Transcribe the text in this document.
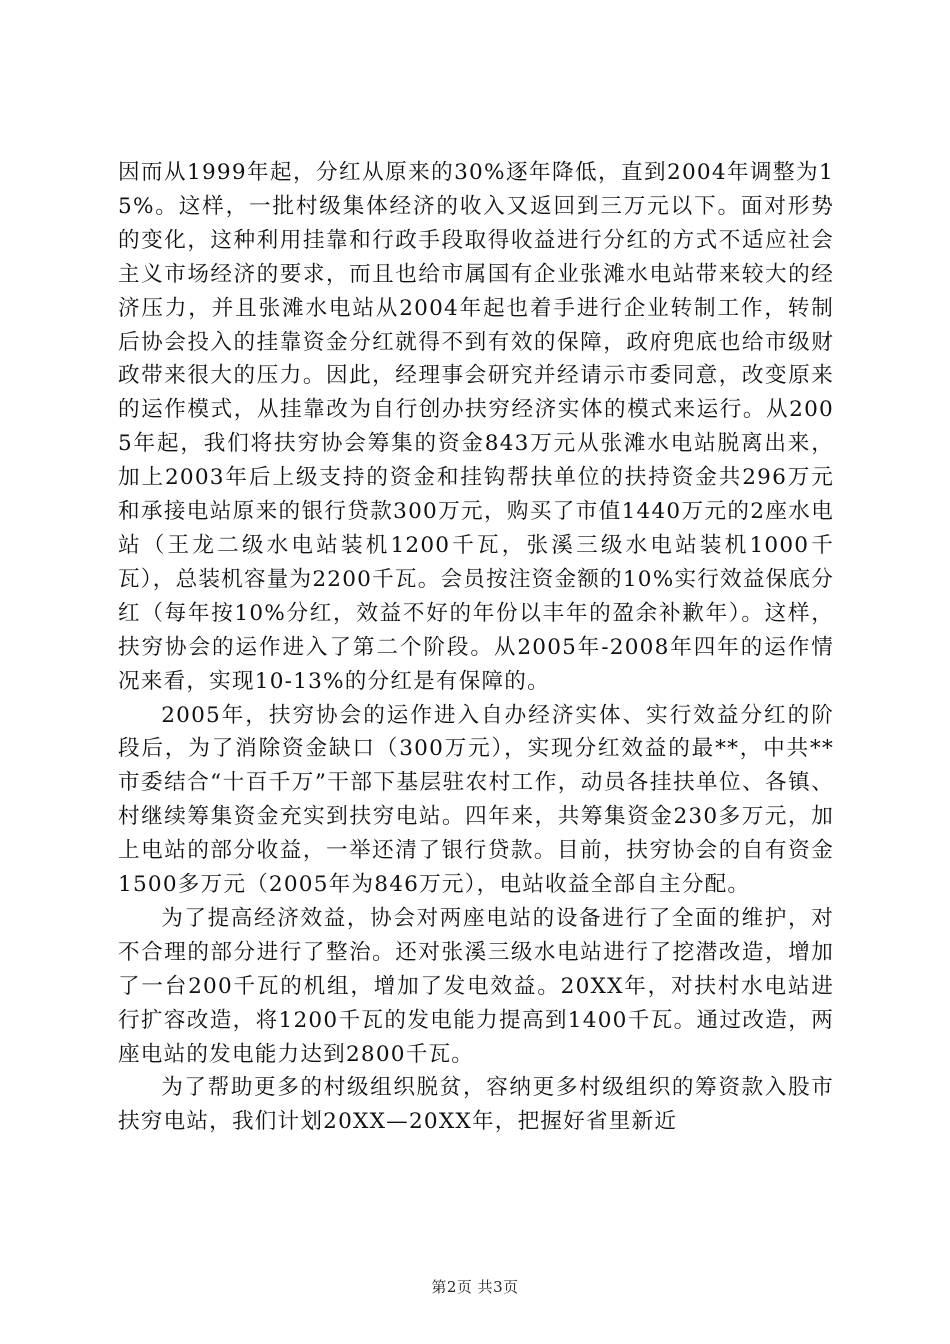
因而从1999年起，分红从原来的30%逐年降低，直到2004年调整为15%。这样，一批村级集体经济的收入又返回到三万元以下。面对形势的变化，这种利用挂靠和行政手段取得收益进行分红的方式不适应社会主义市场经济的要求，而且也给市属国有企业张滩水电站带来较大的经济压力，并且张滩水电站从2004年起也着手进行企业转制工作，转制后协会投入的挂靠资金分红就得不到有效的保障，政府兜底也给市级财政带来很大的压力。因此，经理事会研究并经请示市委同意，改变原来的运作模式，从挂靠改为自行创办扶穷经济实体的模式来运行。从2005年起，我们将扶穷协会筹集的资金843万元从张滩水电站脱离出来，加上2003年后上级支持的资金和挂钩帮扶单位的扶持资金共296万元和承接电站原来的银行贷款300万元，购买了市值1440万元的2座水电站（王龙二级水电站装机1200千瓦，张溪三级水电站装机1000千瓦），总装机容量为2200千瓦。会员按注资金额的10%实行效益保底分红（每年按10%分红，效益不好的年份以丰年的盈余补歉年）。这样，扶穷协会的运作进入了第二个阶段。从2005年-2008年四年的运作情况来看，实现10-13%的分红是有保障的。

2005年，扶穷协会的运作进入自办经济实体、实行效益分红的阶段后，为了消除资金缺口（300万元），实现分红效益的最**，中共**市委结合“十百千万”干部下基层驻农村工作，动员各挂扶单位、各镇、村继续筹集资金充实到扶穷电站。四年来，共筹集资金230多万元，加上电站的部分收益，一举还清了银行贷款。目前，扶穷协会的自有资金1500多万元（2005年为846万元），电站收益全部自主分配。

为了提高经济效益，协会对两座电站的设备进行了全面的维护，对不合理的部分进行了整治。还对张溪三级水电站进行了挖潜改造，增加了一台200千瓦的机组，增加了发电效益。20XX年，对扶村水电站进行扩容改造，将1200千瓦的发电能力提高到1400千瓦。通过改造，两座电站的发电能力达到2800千瓦。

为了帮助更多的村级组织脱贫，容纳更多村级组织的筹资款入股市扶穷电站，我们计划20XX—20XX年，把握好省里新近

第2页 共3页
